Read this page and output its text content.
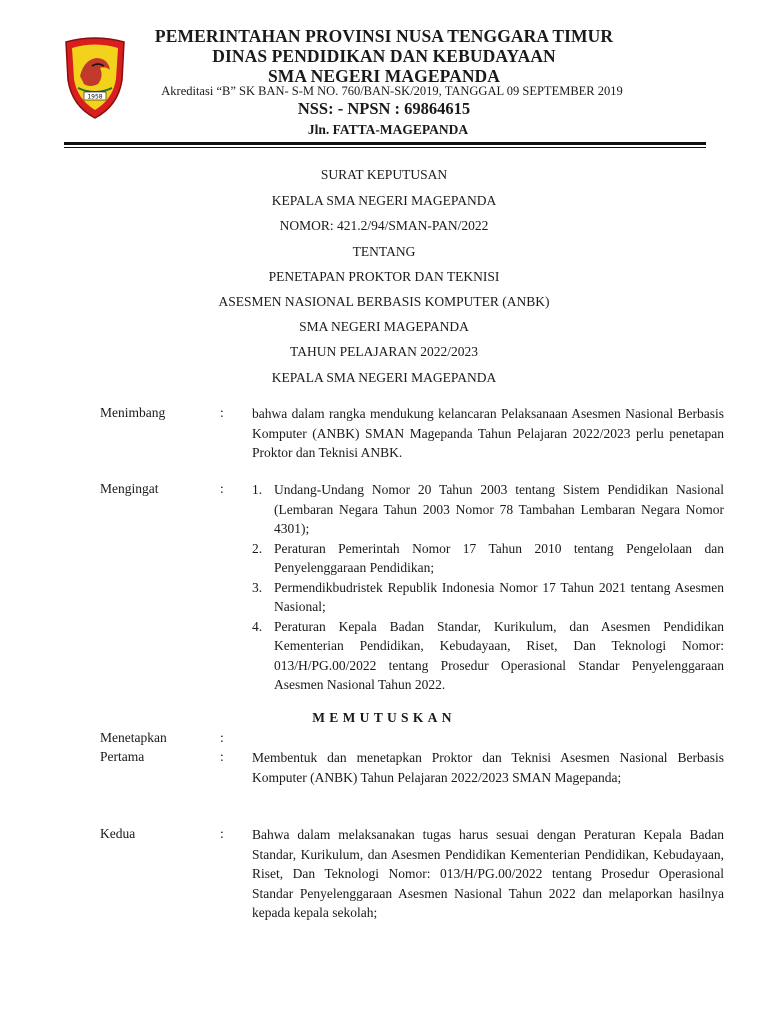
1958
PEMERINTAHAN PROVINSI NUSA TENGGARA TIMUR
DINAS PENDIDIKAN DAN KEBUDAYAAN
SMA NEGERI MAGEPANDA
Akreditasi “B” SK BAN- S-M NO. 760/BAN-SK/2019, TANGGAL 09 SEPTEMBER 2019
NSS: - NPSN : 69864615
Jln. FATTA-MAGEPANDA
SURAT KEPUTUSAN
KEPALA SMA NEGERI MAGEPANDA
NOMOR: 421.2/94/SMAN-PAN/2022
TENTANG
PENETAPAN PROKTOR DAN TEKNISI
ASESMEN NASIONAL BERBASIS KOMPUTER (ANBK)
SMA NEGERI MAGEPANDA
TAHUN PELAJARAN 2022/2023
KEPALA SMA NEGERI MAGEPANDA
Menimbang	: bahwa dalam rangka mendukung kelancaran Pelaksanaan Asesmen Nasional Berbasis Komputer (ANBK) SMAN Magepanda Tahun Pelajaran 2022/2023 perlu penetapan Proktor dan Teknisi ANBK.
Mengingat	: 1. Undang-Undang Nomor 20 Tahun 2003 tentang Sistem Pendidikan Nasional (Lembaran Negara Tahun 2003 Nomor 78 Tambahan Lembaran Negara Nomor 4301);
2. Peraturan Pemerintah Nomor 17 Tahun 2010 tentang Pengelolaan dan Penyelenggaraan Pendidikan;
3. Permendikbudristek Republik Indonesia Nomor 17 Tahun 2021 tentang Asesmen Nasional;
4. Peraturan Kepala Badan Standar, Kurikulum, dan Asesmen Pendidikan Kementerian Pendidikan, Kebudayaan, Riset, Dan Teknologi Nomor: 013/H/PG.00/2022 tentang Prosedur Operasional Standar Penyelenggaraan Asesmen Nasional Tahun 2022.
MEMUTUSKAN
Menetapkan	:
Pertama	: Membentuk dan menetapkan Proktor dan Teknisi Asesmen Nasional Berbasis Komputer (ANBK) Tahun Pelajaran 2022/2023 SMAN Magepanda;
Kedua	: Bahwa dalam melaksanakan tugas harus sesuai dengan Peraturan Kepala Badan Standar, Kurikulum, dan Asesmen Pendidikan Kementerian Pendidikan, Kebudayaan, Riset, Dan Teknologi Nomor: 013/H/PG.00/2022 tentang Prosedur Operasional Standar Penyelenggaraan Asesmen Nasional Tahun 2022 dan melaporkan hasilnya kepada kepala sekolah;
